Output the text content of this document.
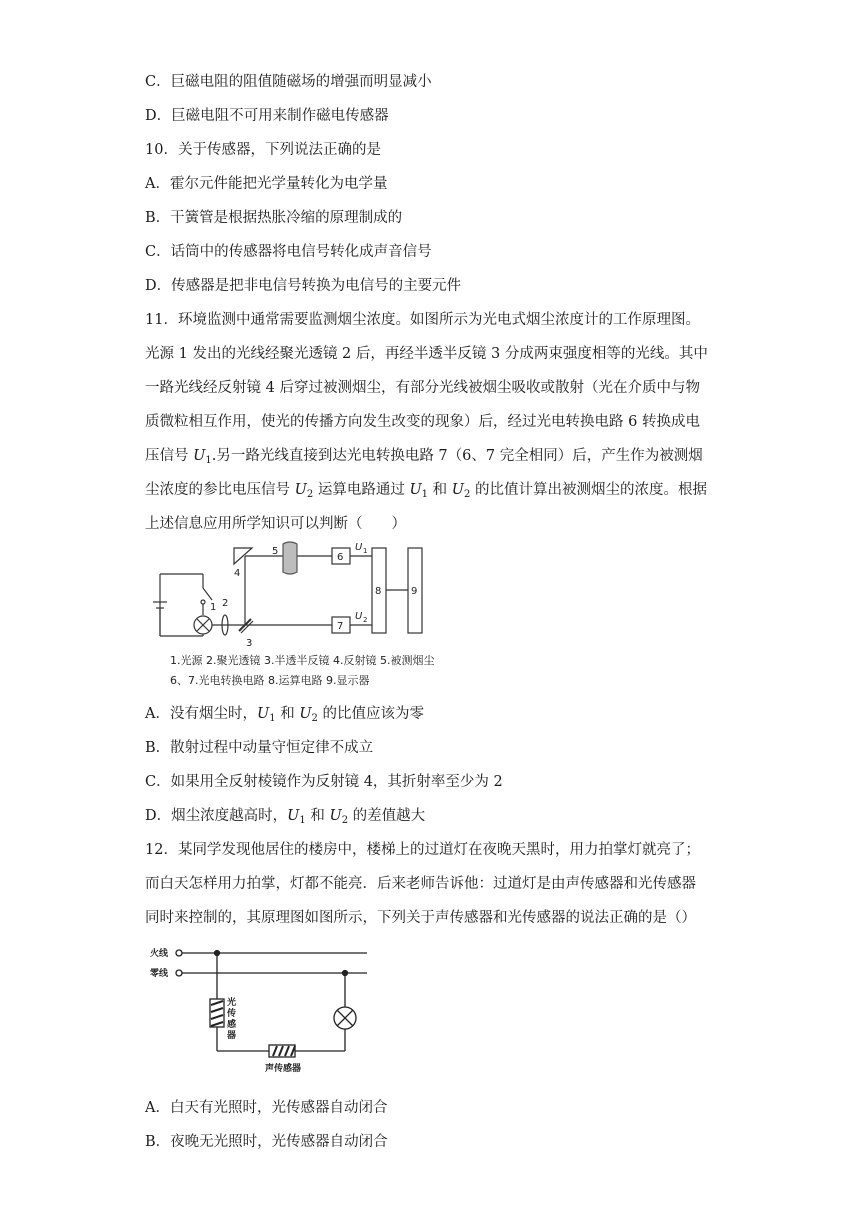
C．巨磁电阻的阻值随磁场的增强而明显减小
D．巨磁电阻不可用来制作磁电传感器
10．关于传感器，下列说法正确的是
A．霍尔元件能把光学量转化为电学量
B．干簧管是根据热胀冷缩的原理制成的
C．话筒中的传感器将电信号转化成声音信号
D．传感器是把非电信号转换为电信号的主要元件
11．环境监测中通常需要监测烟尘浓度。如图所示为光电式烟尘浓度计的工作原理图。
光源 1 发出的光线经聚光透镜 2 后，再经半透半反镜 3 分成两束强度相等的光线。其中
一路光线经反射镜 4 后穿过被测烟尘，有部分光线被烟尘吸收或散射（光在介质中与物
质微粒相互作用，使光的传播方向发生改变的现象）后，经过光电转换电路 6 转换成电
压信号 $U_1$.另一路光线直接到达光电转换电路 7（6、7 完全相同）后，产生作为被测烟
尘浓度的参比电压信号 $U_2$ 运算电路通过 $U_1$ 和 $U_2$ 的比值计算出被测烟尘的浓度。根据
上述信息应用所学知识可以判断（　　）
1 2
3
4
5
6
7
8	9
U 1
U 2
1.光源 2.聚光透镜 3.半透半反镜 4.反射镜 5.被测烟尘
6、7.光电转换电路 8.运算电路 9.显示器
A．没有烟尘时，$U_1$ 和 $U_2$ 的比值应该为零
B．散射过程中动量守恒定律不成立
C．如果用全反射棱镜作为反射镜 4，其折射率至少为 2
D．烟尘浓度越高时，$U_1$ 和 $U_2$ 的差值越大
12．某同学发现他居住的楼房中，楼梯上的过道灯在夜晚天黑时，用力拍掌灯就亮了；
而白天怎样用力拍掌，灯都不能亮．后来老师告诉他：过道灯是由声传感器和光传感器
同时来控制的，其原理图如图所示，下列关于声传感器和光传感器的说法正确的是（）
火线
零线
光
传
感
器
声传感器
A．白天有光照时，光传感器自动闭合
B．夜晚无光照时，光传感器自动闭合
